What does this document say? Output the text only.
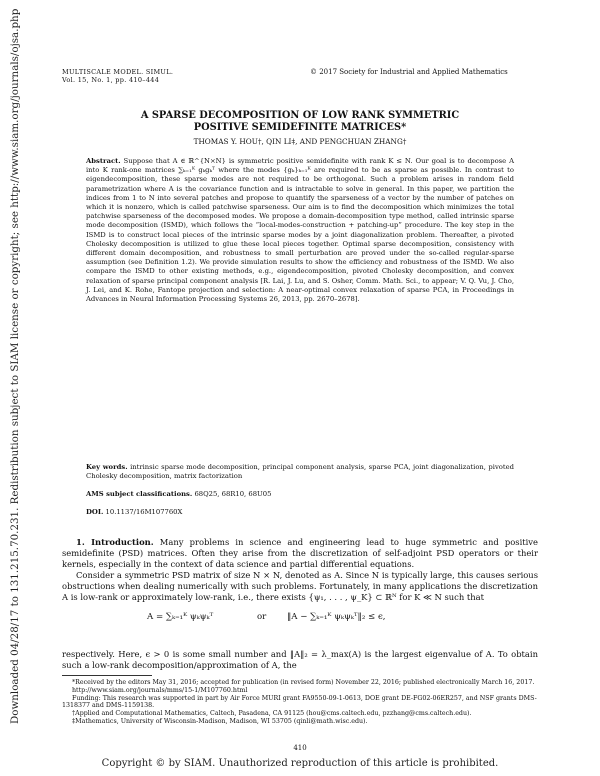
Downloaded 04/28/17 to 131.215.70.231. Redistribution subject to SIAM license or copyright; see http://www.siam.org/journals/ojsa.php	MULTISCALE MODEL. SIMUL.
Vol. 15, No. 1, pp. 410–444
© 2017 Society for Industrial and Applied Mathematics
A SPARSE DECOMPOSITION OF LOW RANK SYMMETRIC
POSITIVE SEMIDEFINITE MATRICES*
THOMAS Y. HOU†, QIN LI‡, AND PENGCHUAN ZHANG†
Abstract. Suppose that A ∈ ℝ^{N×N} is symmetric positive semidefinite with rank K ≤ N. Our goal is to decompose A into K rank-one matrices ∑ₖ₌₁ᴷ gₖgₖᵀ where the modes {gₖ}ₖ₌₁ᴷ are required to be as sparse as possible. In contrast to eigendecomposition, these sparse modes are not required to be orthogonal. Such a problem arises in random field parametrization where A is the covariance function and is intractable to solve in general. In this paper, we partition the indices from 1 to N into several patches and propose to quantify the sparseness of a vector by the number of patches on which it is nonzero, which is called patchwise sparseness. Our aim is to find the decomposition which minimizes the total patchwise sparseness of the decomposed modes. We propose a domain-decomposition type method, called intrinsic sparse mode decomposition (ISMD), which follows the “local-modes-construction + patching-up” procedure. The key step in the ISMD is to construct local pieces of the intrinsic sparse modes by a joint diagonalization problem. Thereafter, a pivoted Cholesky decomposition is utilized to glue these local pieces together. Optimal sparse decomposition, consistency with different domain decomposition, and robustness to small perturbation are proved under the so-called regular-sparse assumption (see Definition 1.2). We provide simulation results to show the efficiency and robustness of the ISMD. We also compare the ISMD to other existing methods, e.g., eigendecomposition, pivoted Cholesky decomposition, and convex relaxation of sparse principal component analysis [R. Lai, J. Lu, and S. Osher, Comm. Math. Sci., to appear; V. Q. Vu, J. Cho, J. Lei, and K. Rohe, Fantope projection and selection: A near-optimal convex relaxation of sparse PCA, in Proceedings in Advances in Neural Information Processing Systems 26, 2013, pp. 2670–2678].
Key words. intrinsic sparse mode decomposition, principal component analysis, sparse PCA, joint diagonalization, pivoted Cholesky decomposition, matrix factorization
AMS subject classifications. 68Q25, 68R10, 68U05
DOI. 10.1137/16M107760X

1. Introduction. Many problems in science and engineering lead to huge symmetric and positive semidefinite (PSD) matrices. Often they arise from the discretization of self-adjoint PSD operators or their kernels, especially in the context of data science and partial differential equations.

Consider a symmetric PSD matrix of size N × N, denoted as A. Since N is typically large, this causes serious obstructions when dealing numerically with such problems. Fortunately, in many applications the discretization A is low-rank or approximately low-rank, i.e., there exists {ψ₁, . . . , ψ_K} ⊂ ℝᴺ for K ≪ N such that

A = ∑ₖ₌₁ᴷ ψₖψₖᵀ	or ‖A − ∑ₖ₌₁ᴷ ψₖψₖᵀ‖₂ ≤ ϵ,
respectively. Here, ϵ > 0 is some small number and ‖A‖₂ = λ_max(A) is the largest eigenvalue of A. To obtain such a low-rank decomposition/approximation of A, the

*Received by the editors May 31, 2016; accepted for publication (in revised form) November 22, 2016; published electronically March 16, 2017.

http://www.siam.org/journals/mms/15-1/M107760.html

Funding: This research was supported in part by Air Force MURI grant FA9550-09-1-0613, DOE grant DE-FG02-06ER257, and NSF grants DMS-1318377 and DMS-1159138.

†Applied and Computational Mathematics, Caltech, Pasadena, CA 91125 (hou@cms.caltech.edu, pzzhang@cms.caltech.edu).

‡Mathematics, University of Wisconsin-Madison, Madison, WI 53705 (qinli@math.wisc.edu).

410
Copyright © by SIAM. Unauthorized reproduction of this article is prohibited.
